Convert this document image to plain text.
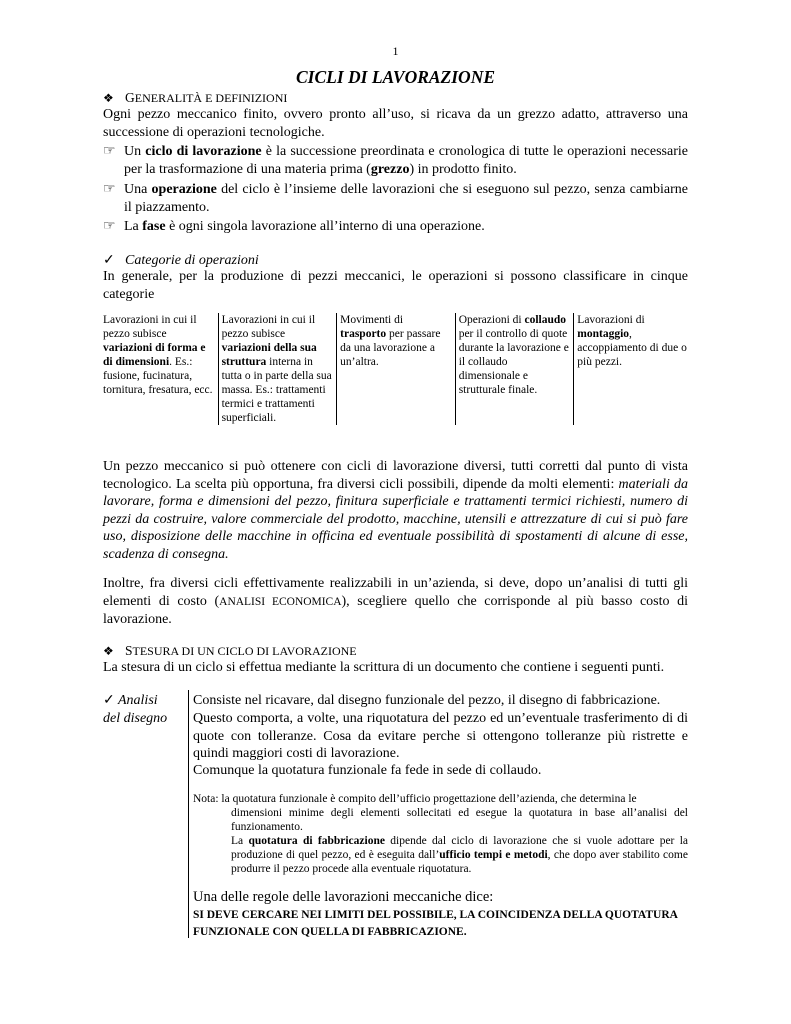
1
CICLI DI LAVORAZIONE
❖ GENERALITÀ E DEFINIZIONI
Ogni pezzo meccanico finito, ovvero pronto all’uso, si ricava da un grezzo adatto, attraverso una successione di operazioni tecnologiche.
☞ Un ciclo di lavorazione è la successione preordinata e cronologica di tutte le operazioni necessarie per la trasformazione di una materia prima (grezzo) in prodotto finito.
☞ Una operazione del ciclo è l’insieme delle lavorazioni che si eseguono sul pezzo, senza cambiarne il piazzamento.
☞ La fase è ogni singola lavorazione all’interno di una operazione.
✓ Categorie di operazioni
In generale, per la produzione di pezzi meccanici, le operazioni si possono classificare in cinque categorie
Lavorazioni in cui il pezzo subisce variazioni di forma e di dimensioni. Es.: fusione, fucinatura, tornitura, fresatura, ecc.	Lavorazioni in cui il pezzo subisce variazioni della sua struttura interna in tutta o in parte della sua massa. Es.: trattamenti termici e trattamenti superficiali.	Movimenti di trasporto per passare da una lavorazione a un’altra.	Operazioni di collaudo per il controllo di quote durante la lavorazione e il collaudo dimensionale e strutturale finale.	Lavorazioni di montaggio, accoppiamento di due o più pezzi.
Un pezzo meccanico si può ottenere con cicli di lavorazione diversi, tutti corretti dal punto di vista tecnologico. La scelta più opportuna, fra diversi cicli possibili, dipende da molti elementi: materiali da lavorare, forma e dimensioni del pezzo, finitura superficiale e trattamenti termici richiesti, numero di pezzi da costruire, valore commerciale del prodotto, macchine, utensili e attrezzature di cui si può fare uso, disposizione delle macchine in officina ed eventuale possibilità di spostamenti di alcune di esse, scadenza di consegna.
Inoltre, fra diversi cicli effettivamente realizzabili in un’azienda, si deve, dopo un’analisi di tutti gli elementi di costo (ANALISI ECONOMICA), scegliere quello che corrisponde al più basso costo di lavorazione.
❖ STESURA DI UN CICLO DI LAVORAZIONE
La stesura di un ciclo si effettua mediante la scrittura di un documento che contiene i seguenti punti.
✓ Analisi
del disegno
Consiste nel ricavare, dal disegno funzionale del pezzo, il disegno di fabbricazione.
Questo comporta, a volte, una riquotatura del pezzo ed un’eventuale trasferimento di di quote con tolleranze. Cosa da evitare perche si ottengono tolleranze più ristrette e quindi maggiori costi di lavorazione.
Comunque la quotatura funzionale fa fede in sede di collaudo.
Nota: la quotatura funzionale è compito dell’ufficio progettazione dell’azienda, che determina le
dimensioni minime degli elementi sollecitati ed esegue la quotatura in base all’analisi del funzionamento.
La quotatura di fabbricazione dipende dal ciclo di lavorazione che si vuole adottare per la produzione di quel pezzo, ed è eseguita dall’ufficio tempi e metodi, che dopo aver stabilito come produrre il pezzo procede alla eventuale riquotatura.
Una delle regole delle lavorazioni meccaniche dice:
SI DEVE CERCARE NEI LIMITI DEL POSSIBILE, LA COINCIDENZA DELLA QUOTATURA FUNZIONALE CON QUELLA DI FABBRICAZIONE.
